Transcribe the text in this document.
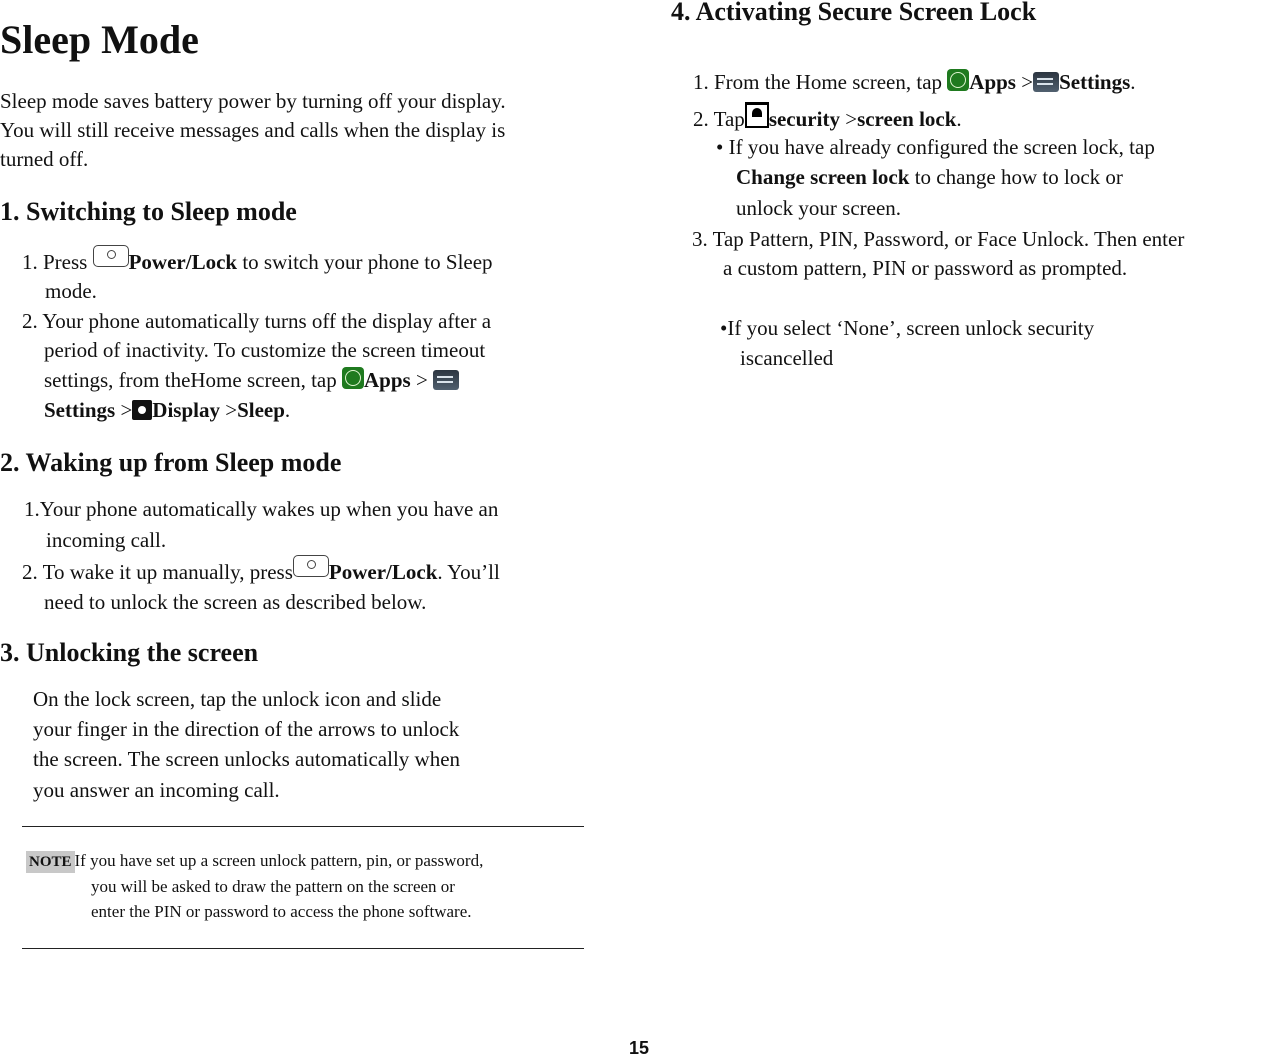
Sleep Mode
Sleep mode saves battery power by turning off your display.
You will still receive messages and calls when the display is
turned off.
1. Switching to Sleep mode
1. Press Power/Lock to switch your phone to Sleep
mode.
2. Your phone automatically turns off the display after a
period of inactivity. To customize the screen timeout
settings, from theHome screen, tap Apps >
Settings > Display >Sleep.
2. Waking up from Sleep mode
1.Your phone automatically wakes up when you have an
incoming call.
2. To wake it up manually, press Power/Lock. You’ll
need to unlock the screen as described below.
3. Unlocking the screen
On the lock screen, tap the unlock icon and slide
your finger in the direction of the arrows to unlock
the screen. The screen unlocks automatically when
you answer an incoming call.
NOTE If you have set up a screen unlock pattern, pin, or password,
you will be asked to draw the pattern on the screen or
enter the PIN or password to access the phone software.
4. Activating Secure Screen Lock
1. From the Home screen, tap Apps > Settings.
2. Tap security >screen lock.
• If you have already configured the screen lock, tap
Change screen lock to change how to lock or
unlock your screen.
3. Tap Pattern, PIN, Password, or Face Unlock. Then enter
a custom pattern, PIN or password as prompted.
•If you select ‘None’, screen unlock security
iscancelled
15
